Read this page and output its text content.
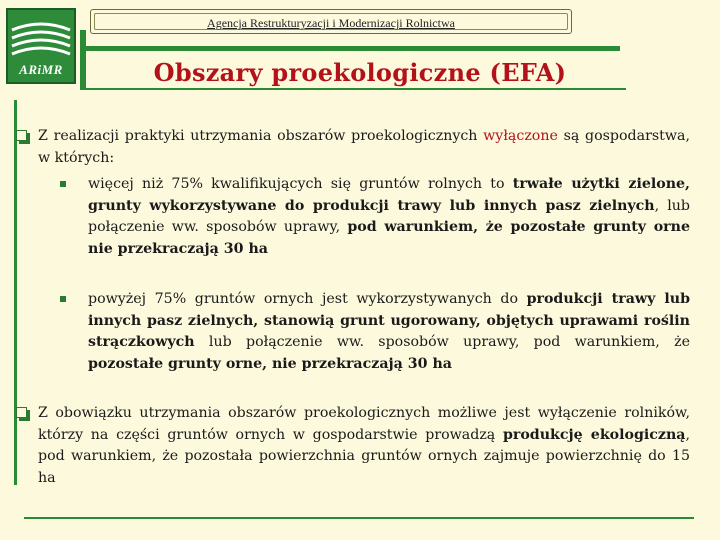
ARiMR
Agencja Restrukturyzacji i Modernizacji Rolnictwa
Obszary proekologiczne (EFA)
Z realizacji praktyki utrzymania obszarów proekologicznych wyłączone są gospodarstwa, w których:
więcej niż 75% kwalifikujących się gruntów rolnych to trwałe użytki zielone, grunty wykorzystywane do produkcji trawy lub innych pasz zielnych, lub połączenie ww. sposobów uprawy, pod warunkiem, że pozostałe grunty orne nie przekraczają 30 ha
powyżej 75% gruntów ornych jest wykorzystywanych do produkcji trawy lub innych pasz zielnych, stanowią grunt ugorowany, objętych uprawami roślin strączkowych lub połączenie ww. sposobów uprawy, pod warunkiem, że pozostałe grunty orne, nie przekraczają 30 ha
Z obowiązku utrzymania obszarów proekologicznych możliwe jest wyłączenie rolników, którzy na części gruntów ornych w gospodarstwie prowadzą produkcję ekologiczną, pod warunkiem, że pozostała powierzchnia gruntów ornych zajmuje powierzchnię do 15 ha
